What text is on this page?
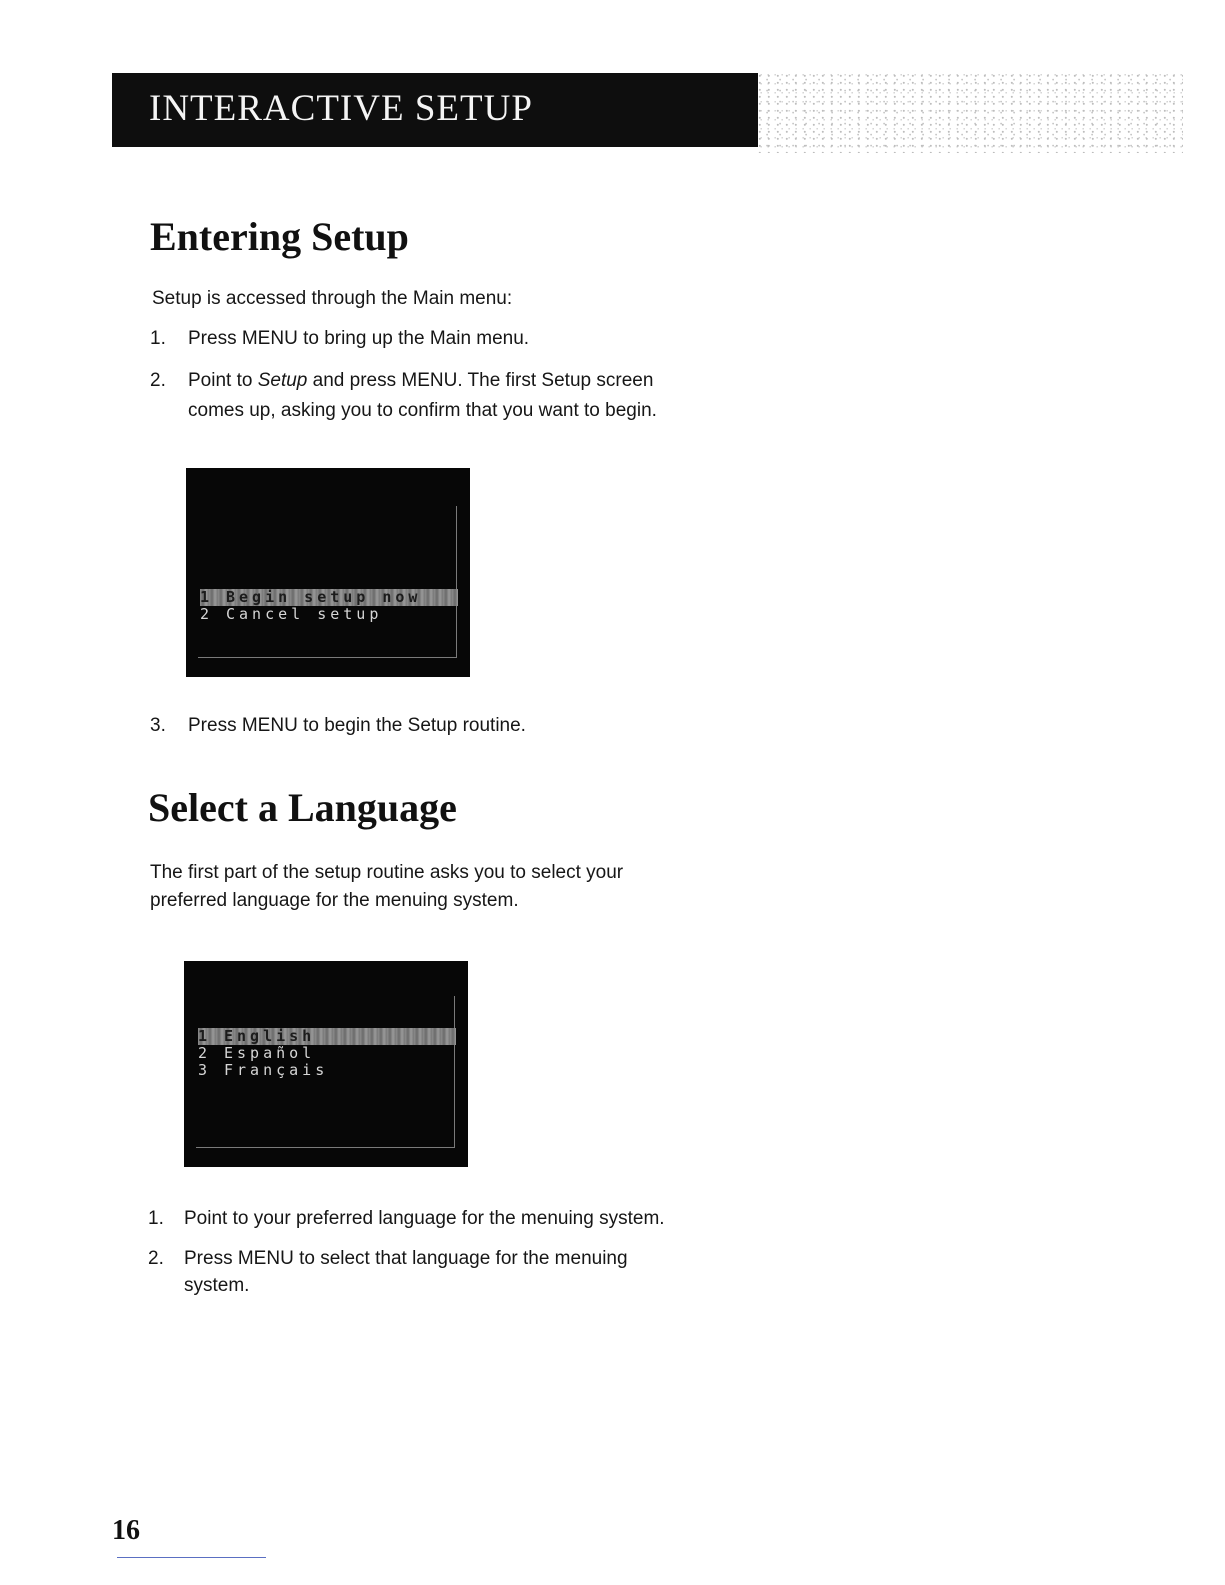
INTERACTIVE SETUP
Entering Setup

Setup is accessed through the Main menu:

1. Press MENU to bring up the Main menu.
2. Point to Setup and press MENU. The first Setup screen
comes up, asking you to confirm that you want to begin.
1 Begin setup now
2 Cancel setup
3. Press MENU to begin the Setup routine.
Select a Language

The first part of the setup routine asks you to select your

preferred language for the menuing system.

1 English
2 Español
3 Français
1. Point to your preferred language for the menuing system.
2. Press MENU to select that language for the menuing
system.

16
